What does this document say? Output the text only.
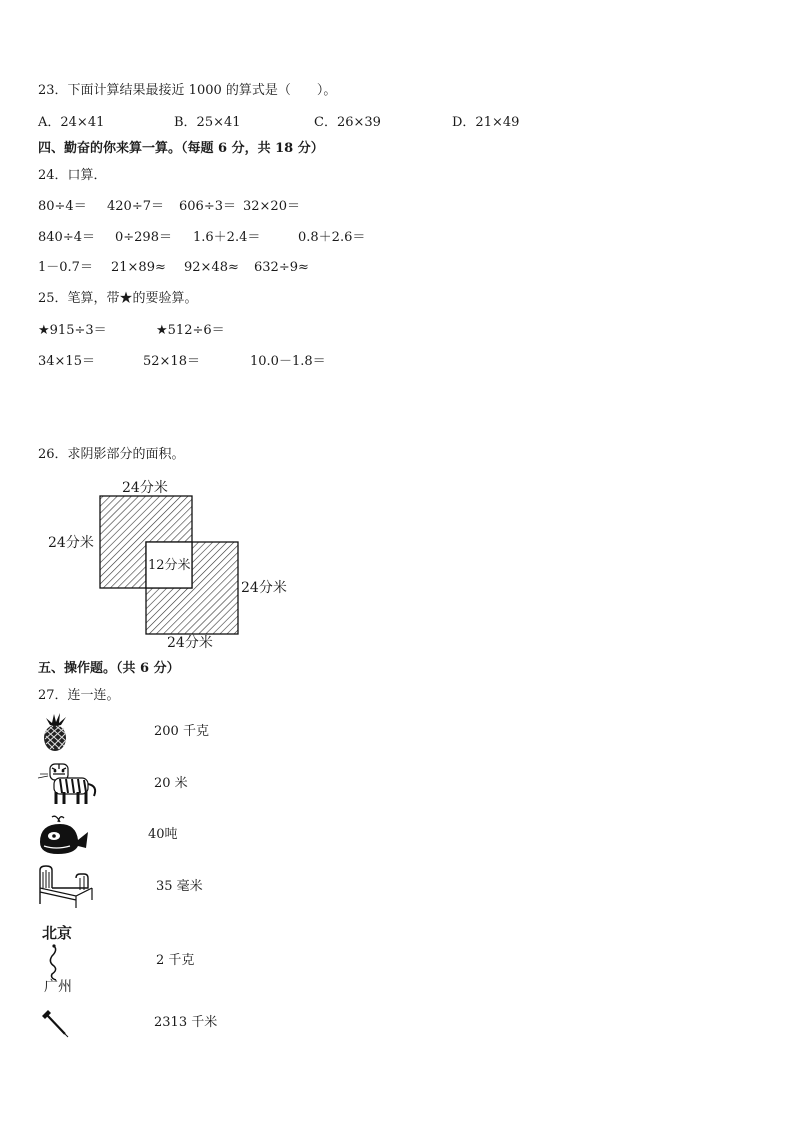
23．下面计算结果最接近 1000 的算式是（　　）。
A．24×41	B．25×41	C．26×39	D．21×49
四、勤奋的你来算一算。（每题 6 分，共 18 分）
24．口算．
80÷4＝ 420÷7＝ 606÷3＝ 32×20＝
840÷4＝ 0÷298＝ 1.6＋2.4＝	0.8＋2.6＝
1－0.7＝ 21×89≈ 92×48≈ 632÷9≈
25．笔算，带★的要验算。
★915÷3＝	★512÷6＝
34×15＝	52×18＝	10.0－1.8＝
26．求阴影部分的面积。
24分米
24分米
12分米
24分米
24分米
五、操作题。（共 6 分）
27．连一连。
200 千克
20 米
40吨
35 毫米
北京
广州
2 千克
2313 千米
